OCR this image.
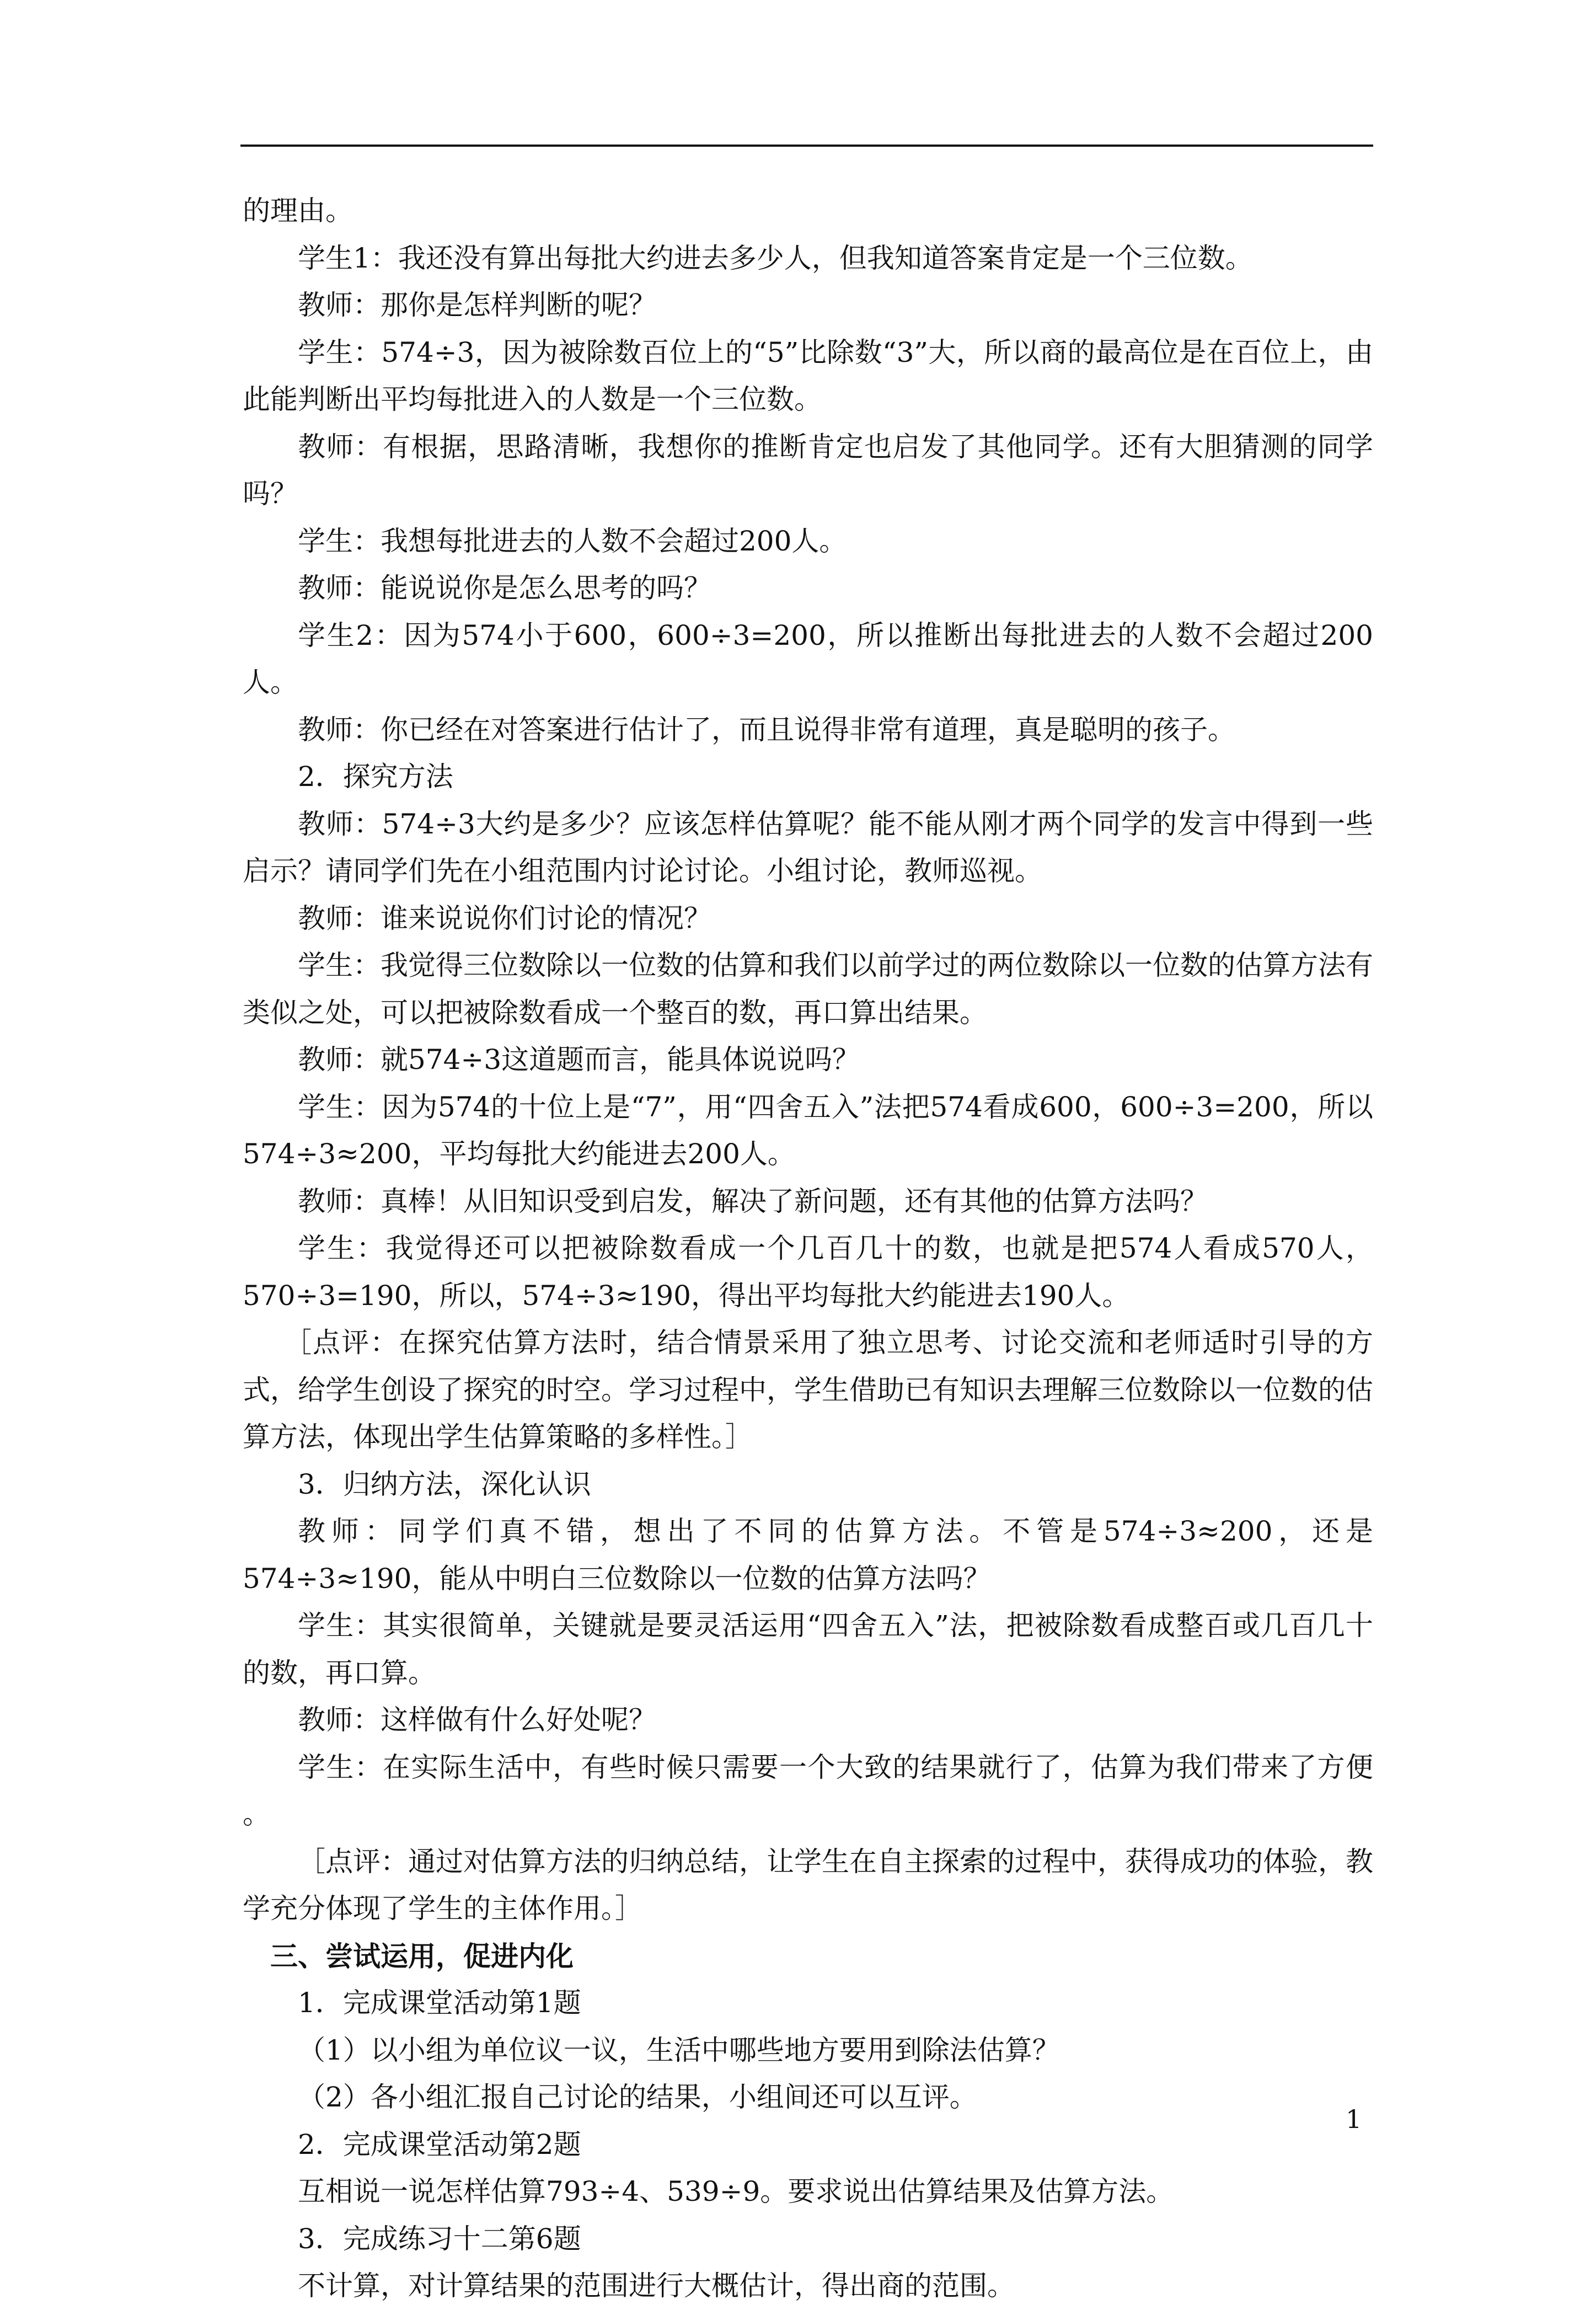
的理由。

学生1：我还没有算出每批大约进去多少人，但我知道答案肯定是一个三位数。

教师：那你是怎样判断的呢？

学生：574÷3，因为被除数百位上的“5”比除数“3”大，所以商的最高位是在百位上，由此能判断出平均每批进入的人数是一个三位数。

教师：有根据，思路清晰，我想你的推断肯定也启发了其他同学。还有大胆猜测的同学吗？

学生：我想每批进去的人数不会超过200人。

教师：能说说你是怎么思考的吗？

学生2：因为574小于600，600÷3=200，所以推断出每批进去的人数不会超过200 人。

教师：你已经在对答案进行估计了，而且说得非常有道理，真是聪明的孩子。

2．探究方法

教师：574÷3大约是多少？应该怎样估算呢？能不能从刚才两个同学的发言中得到一些启示？请同学们先在小组范围内讨论讨论。小组讨论，教师巡视。

教师：谁来说说你们讨论的情况？

学生：我觉得三位数除以一位数的估算和我们以前学过的两位数除以一位数的估算方法有类似之处，可以把被除数看成一个整百的数，再口算出结果。

教师：就574÷3这道题而言，能具体说说吗？

学生：因为574的十位上是“7”，用“四舍五入”法把574看成600，600÷3=200，所以574÷3≈200，平均每批大约能进去200人。

教师：真棒！从旧知识受到启发，解决了新问题，还有其他的估算方法吗？

学生：我觉得还可以把被除数看成一个几百几十的数，也就是把574人看成570人，570÷3=190，所以，574÷3≈190，得出平均每批大约能进去190人。

［点评：在探究估算方法时，结合情景采用了独立思考、讨论交流和老师适时引导的方式，给学生创设了探究的时空。学习过程中，学生借助已有知识去理解三位数除以一位数的估算方法，体现出学生估算策略的多样性。］

3．归纳方法，深化认识

教师：同学们真不错，想出了不同的估算方法。不管是574÷3≈200，还是574÷3≈190，能从中明白三位数除以一位数的估算方法吗？

学生：其实很简单，关键就是要灵活运用“四舍五入”法，把被除数看成整百或几百几十的数，再口算。

教师：这样做有什么好处呢？

学生：在实际生活中，有些时候只需要一个大致的结果就行了，估算为我们带来了方便 。

［点评：通过对估算方法的归纳总结，让学生在自主探索的过程中，获得成功的体验，教学充分体现了学生的主体作用。］

三、尝试运用，促进内化

1．完成课堂活动第1题

（1）以小组为单位议一议，生活中哪些地方要用到除法估算？

（2）各小组汇报自己讨论的结果，小组间还可以互评。

2．完成课堂活动第2题

互相说一说怎样估算793÷4、539÷9。要求说出估算结果及估算方法。

3．完成练习十二第6题

不计算，对计算结果的范围进行大概估计，得出商的范围。

1
